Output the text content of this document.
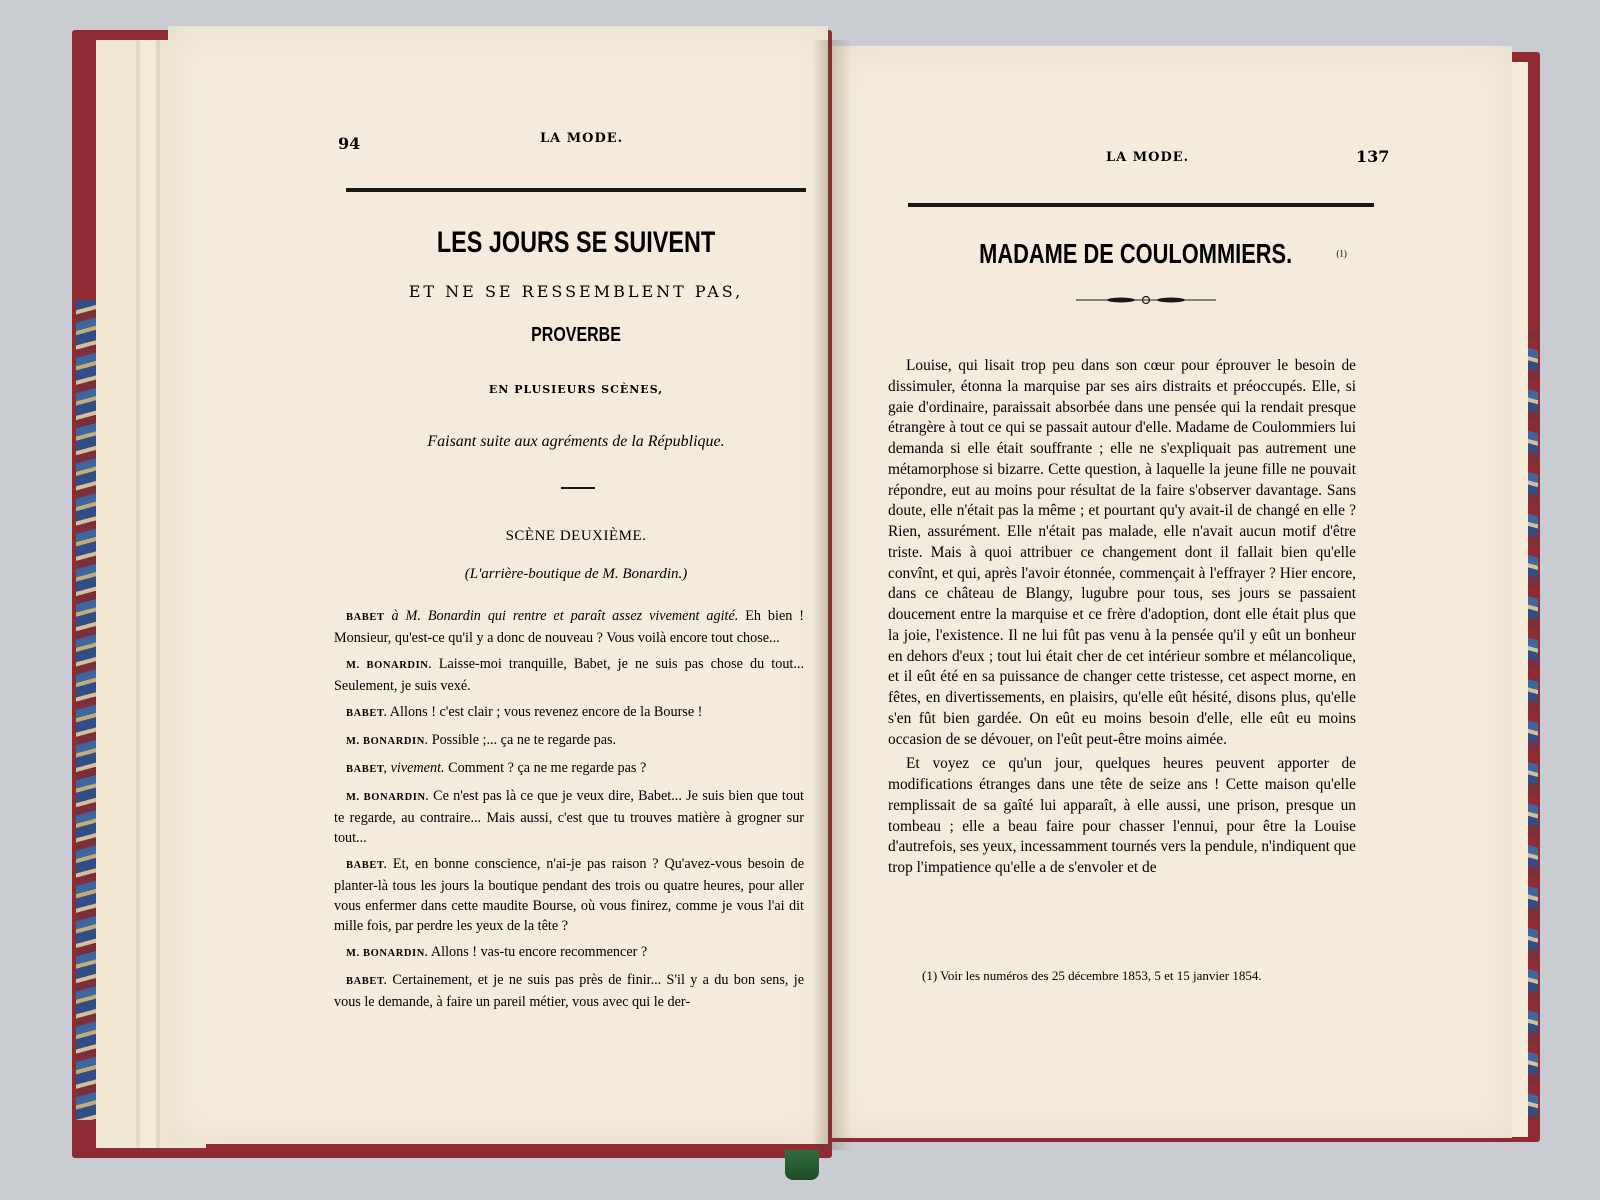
94	LA MODE.
LES JOURS SE SUIVENT
ET NE SE RESSEMBLENT PAS,
PROVERBE
EN PLUSIEURS SCÈNES,
Faisant suite aux agréments de la République.
SCÈNE DEUXIÈME.
(L'arrière-boutique de M. Bonardin.)

BABET à M. Bonardin qui rentre et paraît assez vivement agité. Eh bien ! Monsieur, qu'est-ce qu'il y a donc de nouveau ? Vous voilà encore tout chose...

M. BONARDIN. Laisse-moi tranquille, Babet, je ne suis pas chose du tout... Seulement, je suis vexé.

BABET. Allons ! c'est clair ; vous revenez encore de la Bourse !

M. BONARDIN. Possible ;... ça ne te regarde pas.

BABET, vivement. Comment ? ça ne me regarde pas ?

M. BONARDIN. Ce n'est pas là ce que je veux dire, Babet... Je suis bien que tout te regarde, au contraire... Mais aussi, c'est que tu trouves matière à grogner sur tout...

BABET. Et, en bonne conscience, n'ai-je pas raison ? Qu'avez-vous besoin de planter-là tous les jours la boutique pendant des trois ou quatre heures, pour aller vous enfermer dans cette maudite Bourse, où vous finirez, comme je vous l'ai dit mille fois, par perdre les yeux de la tête ?

M. BONARDIN. Allons ! vas-tu encore recommencer ?

BABET. Certainement, et je ne suis pas près de finir... S'il y a du bon sens, je vous le demande, à faire un pareil métier, vous avec qui le der-

LA MODE.	137
MADAME DE COULOMMIERS.	$^{(1)}$

Louise, qui lisait trop peu dans son cœur pour éprouver le besoin de dissimuler, étonna la marquise par ses airs distraits et préoccupés. Elle, si gaie d'ordinaire, paraissait absorbée dans une pensée qui la rendait presque étrangère à tout ce qui se passait autour d'elle. Madame de Coulommiers lui demanda si elle était souffrante ; elle ne s'expliquait pas autrement une métamorphose si bizarre. Cette question, à laquelle la jeune fille ne pouvait répondre, eut au moins pour résultat de la faire s'observer davantage. Sans doute, elle n'était pas la même ; et pourtant qu'y avait-il de changé en elle ? Rien, assurément. Elle n'était pas malade, elle n'avait aucun motif d'être triste. Mais à quoi attribuer ce changement dont il fallait bien qu'elle convînt, et qui, après l'avoir étonnée, commençait à l'effrayer ? Hier encore, dans ce château de Blangy, lugubre pour tous, ses jours se passaient doucement entre la marquise et ce frère d'adoption, dont elle était plus que la joie, l'existence. Il ne lui fût pas venu à la pensée qu'il y eût un bonheur en dehors d'eux ; tout lui était cher de cet intérieur sombre et mélancolique, et il eût été en sa puissance de changer cette tristesse, cet aspect morne, en fêtes, en divertissements, en plaisirs, qu'elle eût hésité, disons plus, qu'elle s'en fût bien gardée. On eût eu moins besoin d'elle, elle eût eu moins occasion de se dévouer, on l'eût peut-être moins aimée.

Et voyez ce qu'un jour, quelques heures peuvent apporter de modifications étranges dans une tête de seize ans ! Cette maison qu'elle remplissait de sa gaîté lui apparaît, à elle aussi, une prison, presque un tombeau ; elle a beau faire pour chasser l'ennui, pour être la Louise d'autrefois, ses yeux, incessamment tournés vers la pendule, n'indiquent que trop l'impatience qu'elle a de s'envoler et de

(1) Voir les numéros des 25 décembre 1853, 5 et 15 janvier 1854.
